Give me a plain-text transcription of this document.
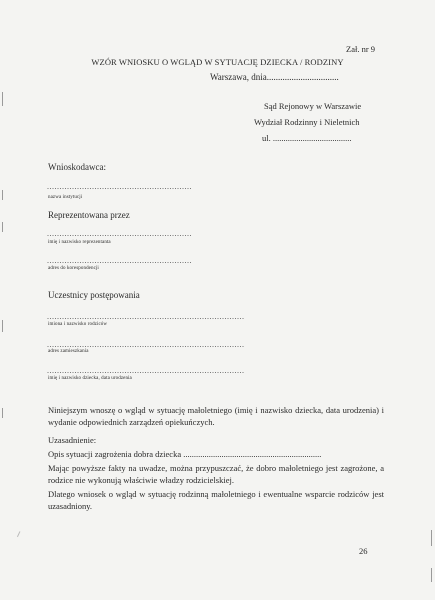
Zał. nr 9
WZÓR WNIOSKU O WGLĄD W SYTUACJĘ DZIECKA / RODZINY
Warszawa, dnia................................
Sąd Rejonowy w Warszawie
Wydział Rodzinny i Nieletnich
ul. .....................................
Wnioskodawca:
..........................................................
nazwa instytucji
Reprezentowana przez
..........................................................
imię i nazwisko reprezentanta
..........................................................
adres do korespondencji
Uczestnicy postępowania
...............................................................................
imiona i nazwisko rodziców
...............................................................................
adres zamieszkania
...............................................................................
imię i nazwisko dziecka, data urodzenia
Niniejszym wnoszę o wgląd w sytuację małoletniego (imię i nazwisko dziecka, data urodzenia) i wydanie odpowiednich zarządzeń opiekuńczych.
Uzasadnienie:
Opis sytuacji zagrożenia dobra dziecka .................................................................
Mając powyższe fakty na uwadze, można przypuszczać, że dobro małoletniego jest zagrożone, a rodzice nie wykonują właściwie władzy rodzicielskiej.
Dlatego wniosek o wgląd w sytuację rodzinną małoletniego i ewentualne wsparcie rodziców jest uzasadniony.
26
